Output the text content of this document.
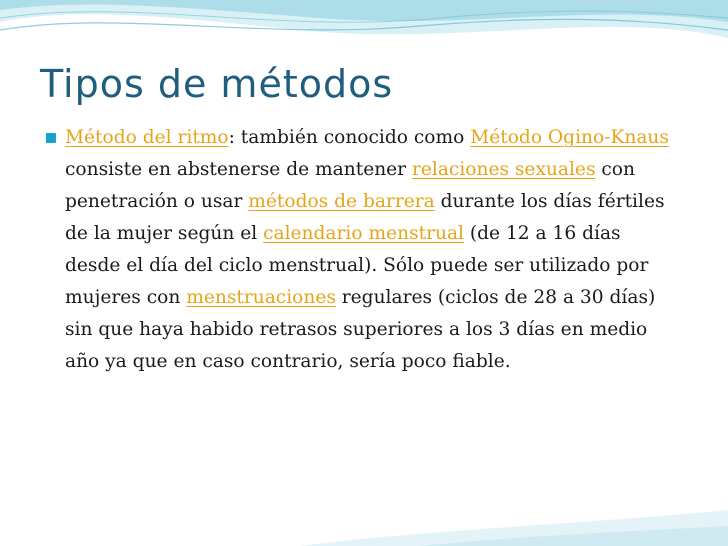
Tipos de métodos
Método del ritmo: también conocido como Método Ogino-Knaus consiste en abstenerse de mantener relaciones sexuales con penetración o usar métodos de barrera durante los días fértiles de la mujer según el calendario menstrual (de 12 a 16 días desde el día del ciclo menstrual). Sólo puede ser utilizado por mujeres con menstruaciones regulares (ciclos de 28 a 30 días) sin que haya habido retrasos superiores a los 3 días en medio año ya que en caso contrario, sería poco fiable.
